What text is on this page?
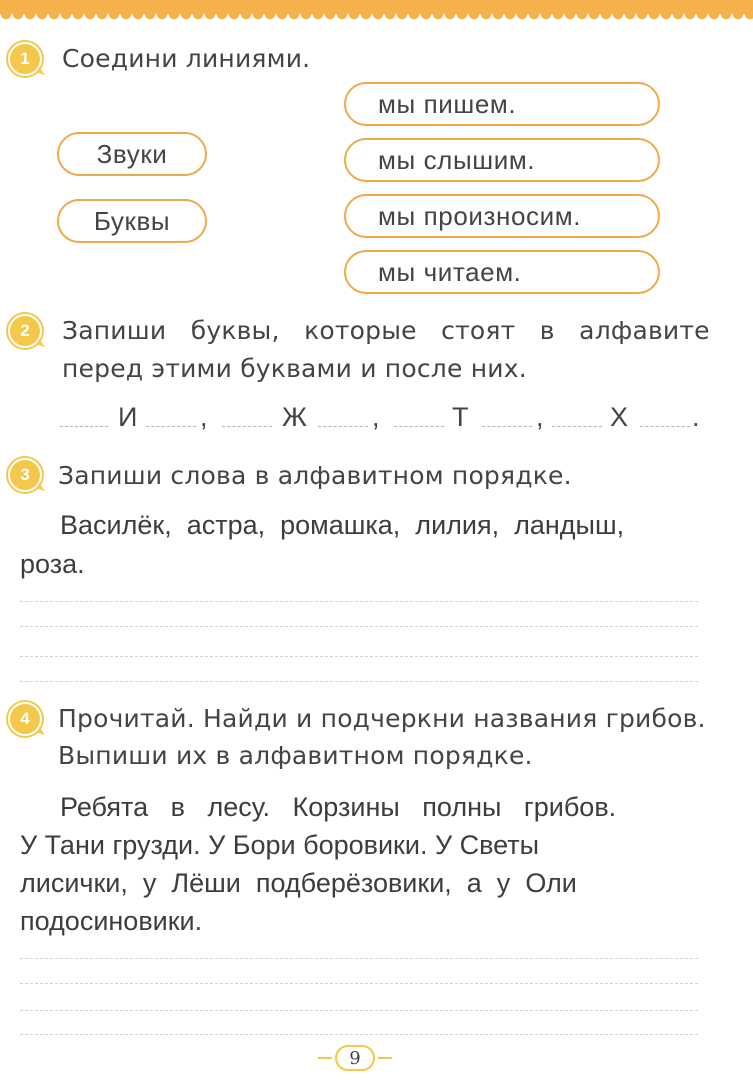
1	Соедини линиями.
Звуки
Буквы
мы пишем.
мы слышим.
мы произносим.
мы читаем.
2	Запиши   буквы,   которые   стоят   в   алфавите
перед этими буквами и после них.
И ,	Ж ,	Т	, Х .
3	Запиши слова в алфавитном порядке.
Василёк,  астра,  ромашка,  лилия,  ландыш,
роза.
4	Прочитай. Найди и подчеркни названия грибов.
Выпиши их в алфавитном порядке.
Ребята   в   лесу.   Корзины   полны   грибов.
У Тани грузди. У Бори боровики. У Светы
лисички,  у  Лёши  подберёзовики,  а  у  Оли
подосиновики.
9
